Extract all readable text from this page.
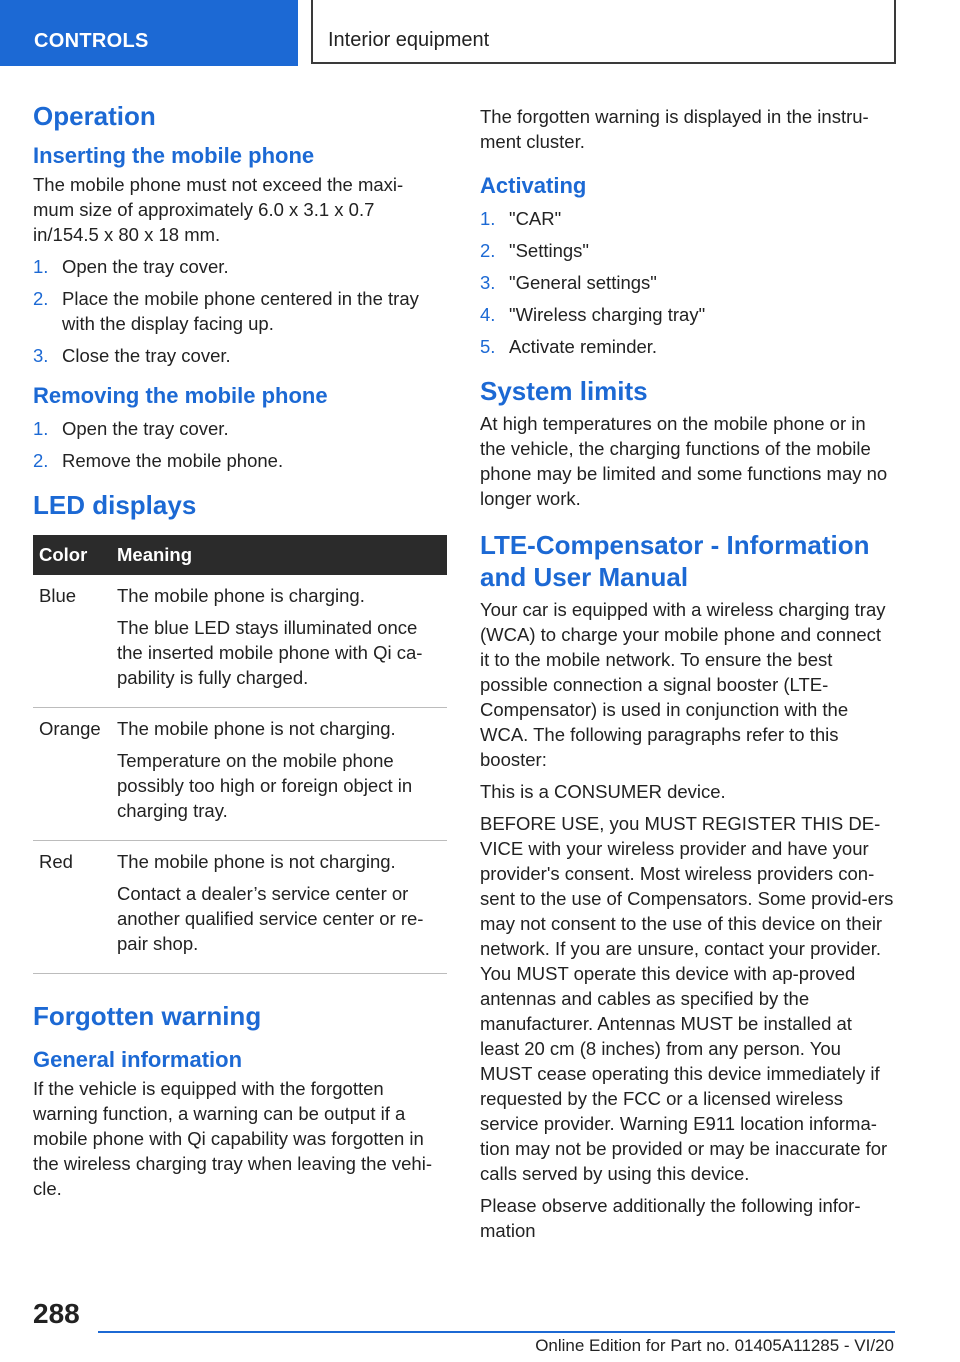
CONTROLS	Interior equipment
Operation
Inserting the mobile phone

The mobile phone must not exceed the maxi-mum size of approximately 6.0 x 3.1 x 0.7 in/154.5 x 80 x 18 mm.

1. Open the tray cover.
2. Place the mobile phone centered in the tray with the display facing up.
3. Close the tray cover.
Removing the mobile phone
1. Open the tray cover.
2. Remove the mobile phone.
LED displays
Color	Meaning
Blue	The mobile phone is charging.

The blue LED stays illuminated once the inserted mobile phone with Qi ca-pability is fully charged.

Orange	The mobile phone is not charging.

Temperature on the mobile phone possibly too high or foreign object in charging tray.

Red	The mobile phone is not charging.

Contact a dealer’s service center or another qualified service center or re-pair shop.

Forgotten warning
General information

If the vehicle is equipped with the forgotten warning function, a warning can be output if a mobile phone with Qi capability was forgotten in the wireless charging tray when leaving the vehi-cle.

The forgotten warning is displayed in the instru-ment cluster.

Activating
1. "CAR"
2. "Settings"
3. "General settings"
4. "Wireless charging tray"
5. Activate reminder.
System limits

At high temperatures on the mobile phone or in the vehicle, the charging functions of the mobile phone may be limited and some functions may no longer work.

LTE-Compensator - Information and User Manual

Your car is equipped with a wireless charging tray (WCA) to charge your mobile phone and connect it to the mobile network. To ensure the best possible connection a signal booster (LTE-Compensator) is used in conjunction with the WCA. The following paragraphs refer to this booster:

This is a CONSUMER device.

BEFORE USE, you MUST REGISTER THIS DE-VICE with your wireless provider and have your provider's consent. Most wireless providers con-sent to the use of Compensators. Some provid-ers may not consent to the use of this device on their network. If you are unsure, contact your provider. You MUST operate this device with ap-proved antennas and cables as specified by the manufacturer. Antennas MUST be installed at least 20 cm (8 inches) from any person. You MUST cease operating this device immediately if requested by the FCC or a licensed wireless service provider. Warning E911 location informa-tion may not be provided or may be inaccurate for calls served by using this device.

Please observe additionally the following infor-mation

288
Online Edition for Part no. 01405A11285 - VI/20
